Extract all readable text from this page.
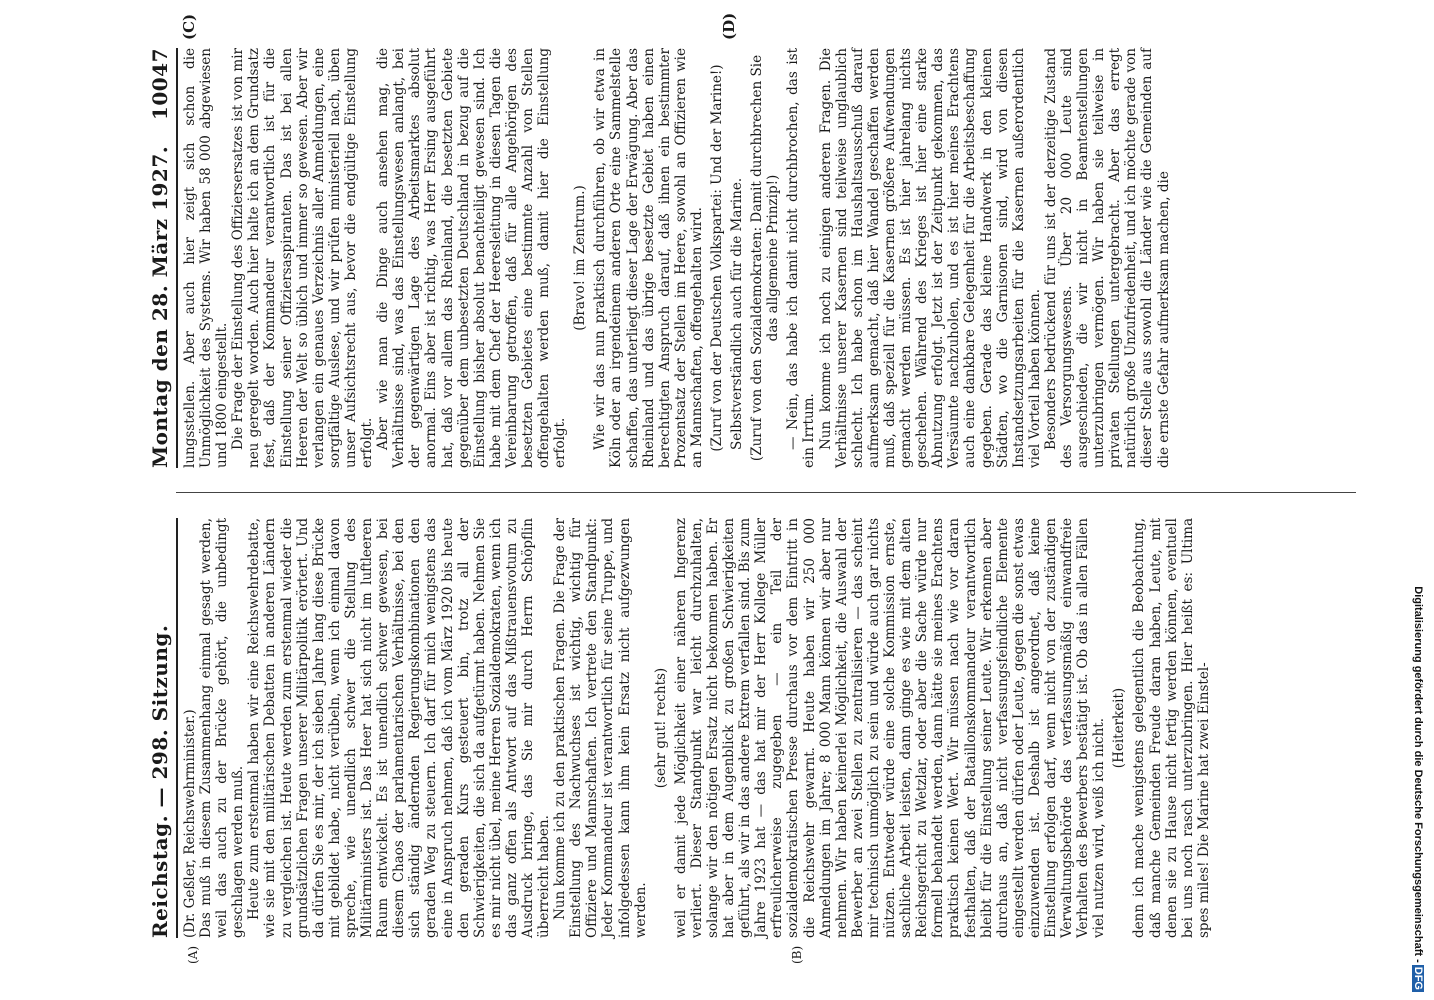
Reichstag. — 298. Sitzung.
Montag den 28. März 1927.
10047
(A)	(B)
(C)	(D)

(Dr. Geßler, Reichswehrminister.) Das muß in diesem Zusammenhang einmal gesagt werden, weil das auch zu der Brücke gehört, die unbedingt geschlagen werden muß. Heute zum erstenmal haben wir eine Reichswehrdebatte, wie sie mit den militärischen Debatten in anderen Ländern zu vergleichen ist. Heute werden zum erstenmal wieder die grundsätzlichen Fragen unserer Militärpolitik erörtert. Und da dürfen Sie es mir, der ich sieben Jahre lang diese Brücke mit gebildet habe, nicht verübeln, wenn ich einmal davon spreche, wie unendlich schwer die Stellung des Militärministers ist. Das Heer hat sich nicht im luftleeren Raum entwickelt. Es ist unendlich schwer gewesen, bei diesem Chaos der parlamentarischen Verhältnisse, bei den sich ständig ändernden Regierungskombinationen den geraden Weg zu steuern. Ich darf für mich wenigstens das eine in Anspruch nehmen, daß ich vom März 1920 bis heute den geraden Kurs gesteuert bin, trotz all der Schwierigkeiten, die sich da aufgetürmt haben. Nehmen Sie es mir nicht übel, meine Herren Sozialdemokraten, wenn ich das ganz offen als Antwort auf das Mißtrauensvotum zu Ausdruck bringe, das Sie mir durch Herrn Schöpflin überreicht haben. Nun komme ich zu den praktischen Fragen. Die Frage der Einstellung des Nachwuchses ist wichtig, wichtig für Offiziere und Mannschaften. Ich vertrete den Standpunkt: Jeder Kommandeur ist verantwortlich für seine Truppe, und infolgedessen kann ihm kein Ersatz nicht aufgezwungen werden.

(sehr gut! rechts) weil er damit jede Möglichkeit einer näheren Ingerenz verliert. Dieser Standpunkt war leicht durchzuhalten, solange wir den nötigen Ersatz nicht bekommen haben. Er hat aber in dem Augenblick zu großen Schwierigkeiten geführt, als wir in das andere Extrem verfallen sind. Bis zum Jahre 1923 hat — das hat mir der Herr Kollege Müller erfreulicherweise zugegeben — ein Teil der sozialdemokratischen Presse durchaus vor dem Eintritt in die Reichswehr gewarnt. Heute haben wir 250 000 Anmeldungen im Jahre; 8 000 Mann können wir aber nur nehmen. Wir haben keinerlei Möglichkeit, die Auswahl der Bewerber an zwei Stellen zu zentralisieren — das scheint mir technisch unmöglich zu sein und würde auch gar nichts nützen. Entweder würde eine solche Kommission ernste, sachliche Arbeit leisten, dann ginge es wie mit dem alten Reichsgericht zu Wetzlar, oder aber die Sache würde nur formell behandelt werden, dann hätte sie meines Erachtens praktisch keinen Wert. Wir müssen nach wie vor daran festhalten, daß der Bataillonskommandeur verantwortlich bleibt für die Einstellung seiner Leute. Wir erkennen aber durchaus an, daß nicht verfassungsfeindliche Elemente eingestellt werden dürfen oder Leute, gegen die sonst etwas einzuwenden ist. Deshalb ist angeordnet, daß keine Einstellung erfolgen darf, wenn nicht von der zuständigen Verwaltungsbehörde das verfassungsmäßig einwandfreie Verhalten des Bewerbers bestätigt ist. Ob das in allen Fällen viel nutzen wird, weiß ich nicht. (Heiterkeit) denn ich mache wenigstens gelegentlich die Beobachtung, daß manche Gemeinden Freude daran haben, Leute, mit denen sie zu Hause nicht fertig werden können, eventuell bei uns noch rasch unterzubringen. Hier heißt es: Ultima spes miles! Die Marine hat zwei Einstel-

lungsstellen. Aber auch hier zeigt sich schon die Unmöglichkeit des Systems. Wir haben 58 000 abgewiesen und 1800 eingestellt. Die Frage der Einstellung des Offiziersersatzes ist von mir neu geregelt worden. Auch hier halte ich an dem Grundsatz fest, daß der Kommandeur verantwortlich ist für die Einstellung seiner Offiziersaspiranten. Das ist bei allen Heeren der Welt so üblich und immer so gewesen. Aber wir verlangen ein genaues Verzeichnis aller Anmeldungen, eine sorgfältige Auslese, und wir prüfen ministeriell nach, üben unser Aufsichtsrecht aus, bevor die endgültige Einstellung erfolgt. Aber wie man die Dinge auch ansehen mag, die Verhältnisse sind, was das Einstellungswesen anlangt, bei der gegenwärtigen Lage des Arbeitsmarktes absolut anormal. Eins aber ist richtig, was Herr Ersing ausgeführt hat, daß vor allem das Rheinland, die besetzten Gebiete gegenüber dem unbesetzten Deutschland in bezug auf die Einstellung bisher absolut benachteiligt gewesen sind. Ich habe mit dem Chef der Heeresleitung in diesen Tagen die Vereinbarung getroffen, daß für alle Angehörigen des besetzten Gebietes eine bestimmte Anzahl von Stellen offengehalten werden muß, damit hier die Einstellung erfolgt.

(Bravo! im Zentrum.) Wie wir das nun praktisch durchführen, ob wir etwa in Köln oder an irgendeinem anderen Orte eine Sammelstelle schaffen, das unterliegt dieser Lage der Erwägung. Aber das Rheinland und das übrige besetzte Gebiet haben einen berechtigten Anspruch darauf, daß ihnen ein bestimmter Prozentsatz der Stellen im Heere, sowohl an Offizieren wie an Mannschaften, offengehalten wird. (Zuruf von der Deutschen Volkspartei: Und der Marine!) Selbstverständlich auch für die Marine. (Zuruf von den Sozialdemokraten: Damit durchbrechen Sie das allgemeine Prinzip!) — Nein, das habe ich damit nicht durchbrochen, das ist ein Irrtum. Nun komme ich noch zu einigen anderen Fragen. Die Verhältnisse unserer Kasernen sind teilweise unglaublich schlecht. Ich habe schon im Haushaltsausschuß darauf aufmerksam gemacht, daß hier Wandel geschaffen werden muß, daß speziell für die Kasernen größere Aufwendungen gemacht werden müssen. Es ist hier jahrelang nichts geschehen. Während des Krieges ist hier eine starke Abnutzung erfolgt. Jetzt ist der Zeitpunkt gekommen, das Versäumte nachzuholen, und es ist hier meines Erachtens auch eine dankbare Gelegenheit für die Arbeitsbeschaffung gegeben. Gerade das kleine Handwerk in den kleinen Städten, wo die Garnisonen sind, wird von diesen Instandsetzungsarbeiten für die Kasernen außerordentlich viel Vorteil haben können. Besonders bedrückend für uns ist der derzeitige Zustand des Versorgungswesens. Über 20 000 Leute sind ausgeschieden, die wir nicht in Beamtenstellungen unterzubringen vermögen. Wir haben sie teilweise in privaten Stellungen untergebracht. Aber das erregt natürlich große Unzufriedenheit, und ich möchte gerade von dieser Stelle aus sowohl die Länder wie die Gemeinden auf die ernste Gefahr aufmerksam machen, die

Digitalisierung gefördert durch die Deutsche Forschungsgemeinschaft -
DFG
